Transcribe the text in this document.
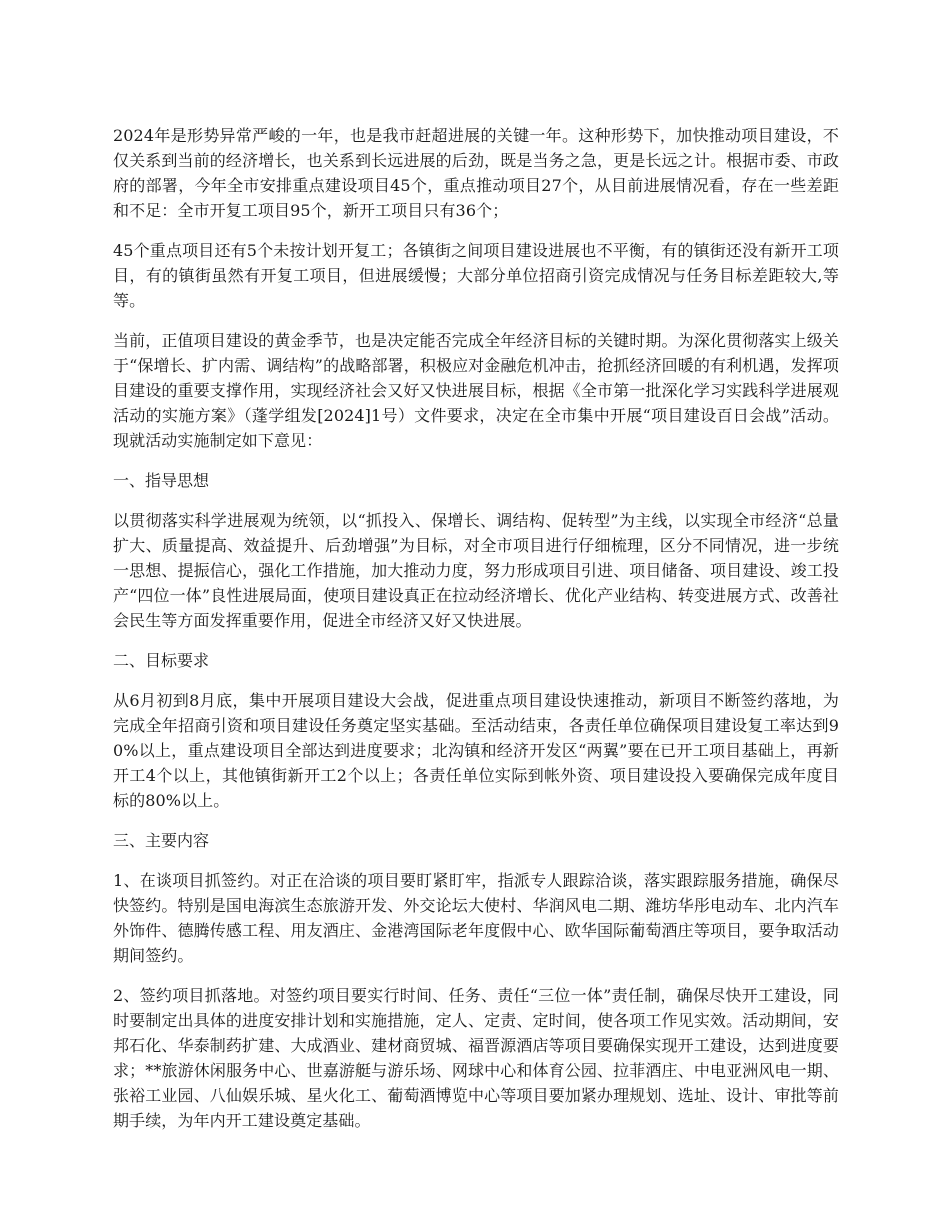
2024年是形势异常严峻的一年，也是我市赶超进展的关键一年。这种形势下，加快推动项目建设，不仅关系到当前的经济增长，也关系到长远进展的后劲，既是当务之急，更是长远之计。根据市委、市政府的部署，今年全市安排重点建设项目45个，重点推动项目27个，从目前进展情况看，存在一些差距和不足：全市开复工项目95个，新开工项目只有36个；

45个重点项目还有5个未按计划开复工；各镇街之间项目建设进展也不平衡，有的镇街还没有新开工项目，有的镇街虽然有开复工项目，但进展缓慢；大部分单位招商引资完成情况与任务目标差距较大,等等。

当前，正值项目建设的黄金季节，也是决定能否完成全年经济目标的关键时期。为深化贯彻落实上级关于“保增长、扩内需、调结构”的战略部署，积极应对金融危机冲击，抢抓经济回暖的有利机遇，发挥项目建设的重要支撑作用，实现经济社会又好又快进展目标，根据《全市第一批深化学习实践科学进展观活动的实施方案》（蓬学组发[2024]1号）文件要求，决定在全市集中开展“项目建设百日会战”活动。现就活动实施制定如下意见：

一、指导思想

以贯彻落实科学进展观为统领，以“抓投入、保增长、调结构、促转型”为主线，以实现全市经济“总量扩大、质量提高、效益提升、后劲增强”为目标，对全市项目进行仔细梳理，区分不同情况，进一步统一思想、提振信心，强化工作措施，加大推动力度，努力形成项目引进、项目储备、项目建设、竣工投产“四位一体”良性进展局面，使项目建设真正在拉动经济增长、优化产业结构、转变进展方式、改善社会民生等方面发挥重要作用，促进全市经济又好又快进展。

二、目标要求

从6月初到8月底，集中开展项目建设大会战，促进重点项目建设快速推动，新项目不断签约落地，为完成全年招商引资和项目建设任务奠定坚实基础。至活动结束，各责任单位确保项目建设复工率达到90%以上，重点建设项目全部达到进度要求；北沟镇和经济开发区“两翼”要在已开工项目基础上，再新开工4个以上，其他镇街新开工2个以上；各责任单位实际到帐外资、项目建设投入要确保完成年度目标的80%以上。

三、主要内容

1、在谈项目抓签约。对正在洽谈的项目要盯紧盯牢，指派专人跟踪洽谈，落实跟踪服务措施，确保尽快签约。特别是国电海滨生态旅游开发、外交论坛大使村、华润风电二期、潍坊华彤电动车、北内汽车外饰件、德腾传感工程、用友酒庄、金港湾国际老年度假中心、欧华国际葡萄酒庄等项目，要争取活动期间签约。

2、签约项目抓落地。对签约项目要实行时间、任务、责任“三位一体”责任制，确保尽快开工建设，同时要制定出具体的进度安排计划和实施措施，定人、定责、定时间，使各项工作见实效。活动期间，安邦石化、华泰制药扩建、大成酒业、建材商贸城、福晋源酒店等项目要确保实现开工建设，达到进度要求；**旅游休闲服务中心、世嘉游艇与游乐场、网球中心和体育公园、拉菲酒庄、中电亚洲风电一期、张裕工业园、八仙娱乐城、星火化工、葡萄酒博览中心等项目要加紧办理规划、选址、设计、审批等前期手续，为年内开工建设奠定基础。
